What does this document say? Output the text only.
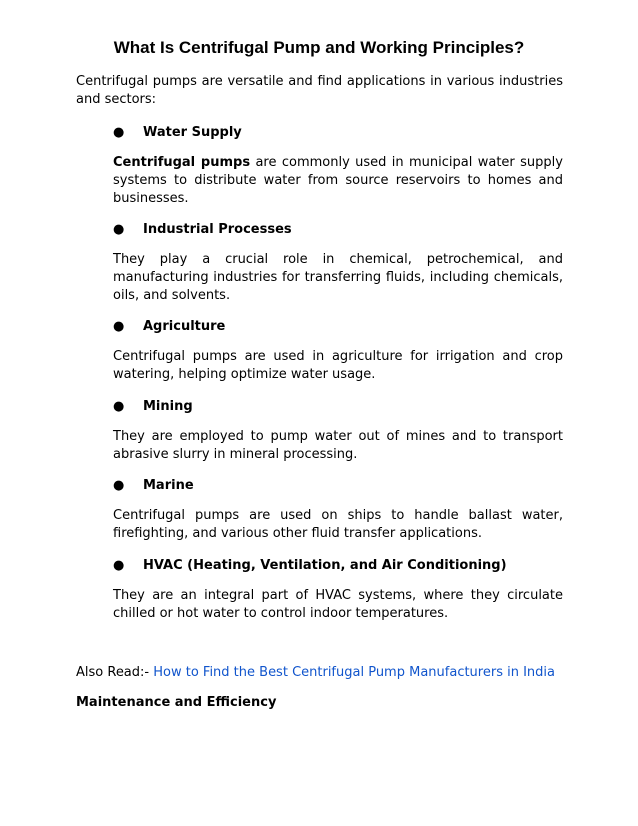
What Is Centrifugal Pump and Working Principles?

Centrifugal pumps are versatile and find applications in various industries and sectors:

● Water Supply

Centrifugal pumps are commonly used in municipal water supply systems to distribute water from source reservoirs to homes and businesses.

● Industrial Processes

They play a crucial role in chemical, petrochemical, and manufacturing industries for transferring fluids, including chemicals, oils, and solvents.

● Agriculture

Centrifugal pumps are used in agriculture for irrigation and crop watering, helping optimize water usage.

● Mining

They are employed to pump water out of mines and to transport abrasive slurry in mineral processing.

● Marine

Centrifugal pumps are used on ships to handle ballast water, firefighting, and various other fluid transfer applications.

● HVAC (Heating, Ventilation, and Air Conditioning)

They are an integral part of HVAC systems, where they circulate chilled or hot water to control indoor temperatures.

Also Read:- How to Find the Best Centrifugal Pump Manufacturers in India

Maintenance and Efficiency
